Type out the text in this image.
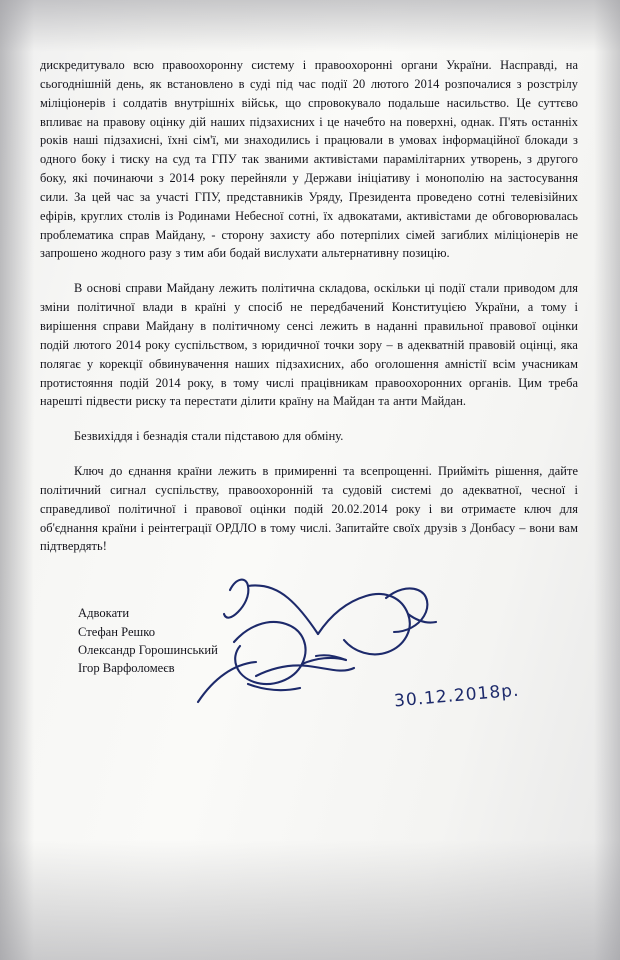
дискредитувало всю правоохоронну систему і правоохоронні органи України. Насправді, на сьогоднішній день, як встановлено в суді під час події 20 лютого 2014 розпочалися з розстрілу міліціонерів і солдатів внутрішніх військ, що спровокувало подальше насильство. Це суттєво впливає на правову оцінку дій наших підзахисних і це начебто на поверхні, однак. П'ять останніх років наші підзахисні, їхні сім'ї, ми знаходились і працювали в умовах інформаційної блокади з одного боку і тиску на суд та ГПУ так званими активістами парамілітарних утворень, з другого боку, які починаючи з 2014 року перейняли у Держави ініціативу і монополію на застосування сили. За цей час за участі ГПУ, представників Уряду, Президента проведено сотні телевізійних ефірів, круглих столів із Родинами Небесної сотні, їх адвокатами, активістами де обговорювалась проблематика справ Майдану, - сторону захисту або потерпілих сімей загиблих міліціонерів не запрошено жодного разу з тим аби бодай вислухати альтернативну позицію.

В основі справи Майдану лежить політична складова, оскільки ці події стали приводом для зміни політичної влади в країні у спосіб не передбачений Конституцією України, а тому і вирішення справи Майдану в політичному сенсі лежить в наданні правильної правової оцінки подій лютого 2014 року суспільством, з юридичної точки зору – в адекватній правовій оцінці, яка полягає у корекції обвинувачення наших підзахисних, або оголошення амністії всім учасникам протистояння подій 2014 року, в тому числі працівникам правоохоронних органів. Цим треба нарешті підвести риску та перестати ділити країну на Майдан та анти Майдан.

Безвихіддя і безнадія стали підставою для обміну.

Ключ до єднання країни лежить в примиренні та всепрощенні. Прийміть рішення, дайте політичний сигнал суспільству, правоохоронній та судовій системі до адекватної, чесної і справедливої політичної і правової оцінки подій 20.02.2014 року і ви отримаєте ключ для об'єднання країни і реінтеграції ОРДЛО в тому числі. Запитайте своїх друзів з Донбасу – вони вам підтвердять!

Адвокати
Стефан Решко
Олександр Горошинський
Ігор Варфоломеєв
30.12.2018р.
